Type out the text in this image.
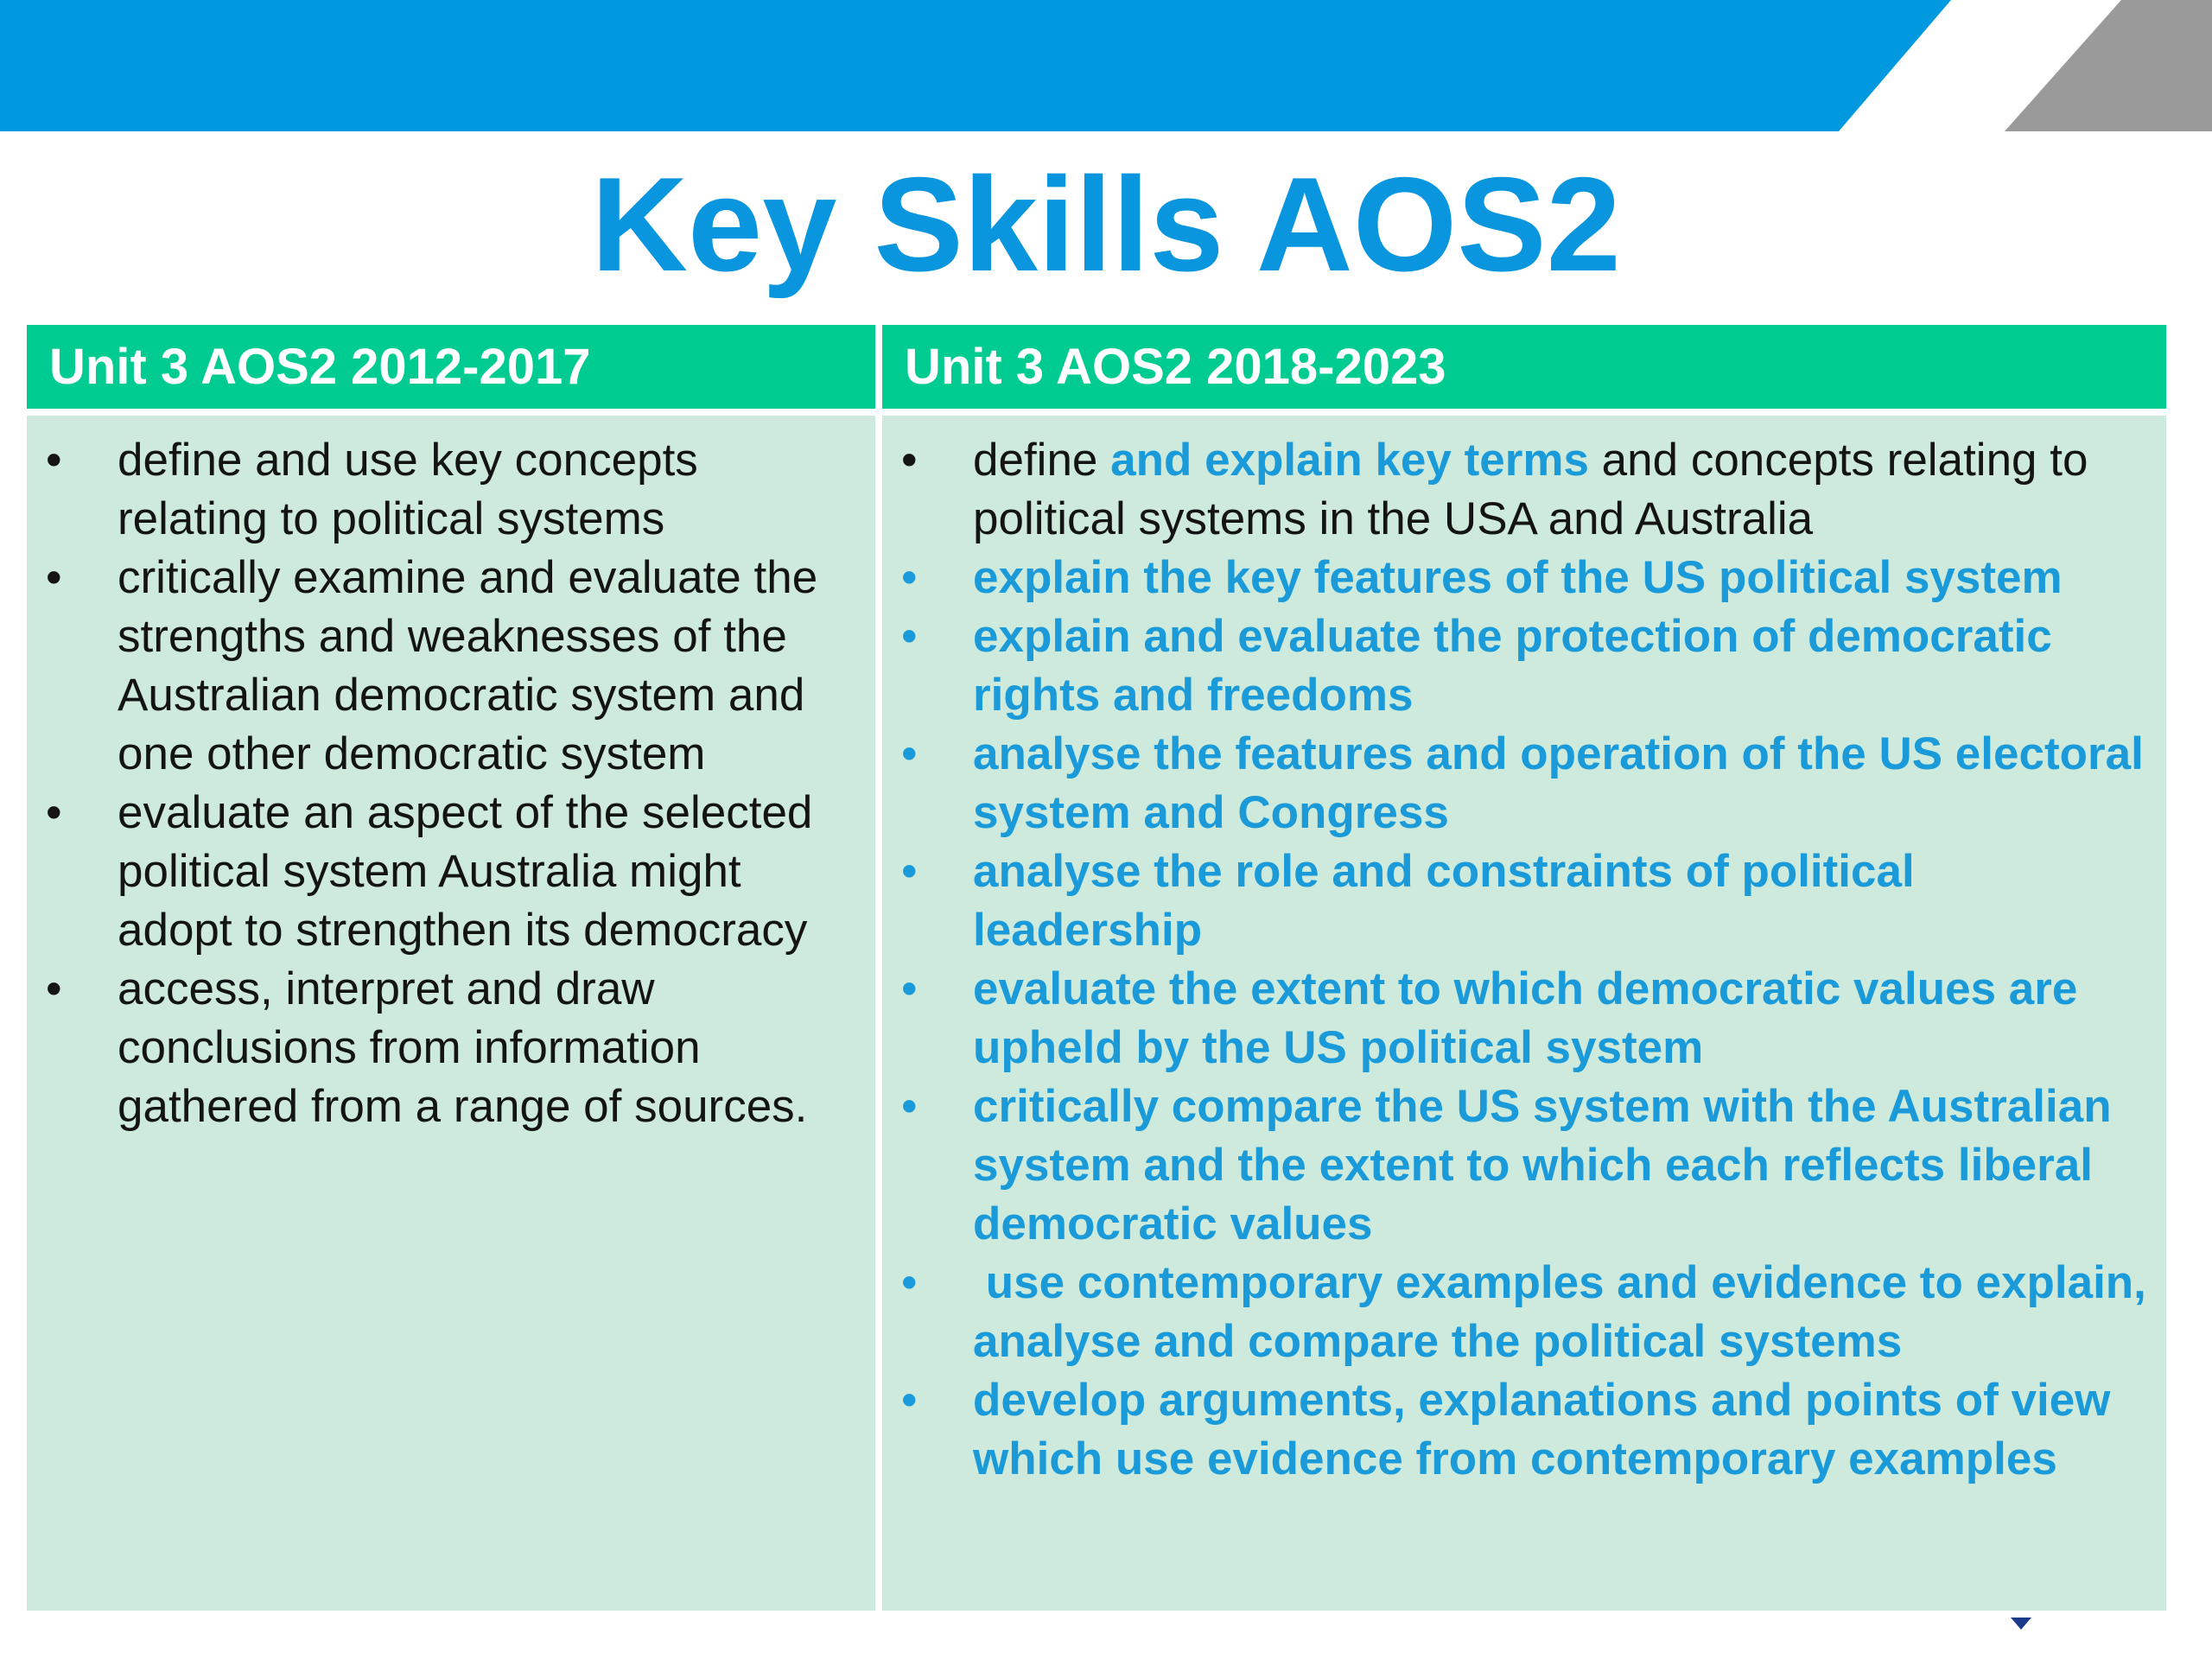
Key Skills AOS2
Unit 3 AOS2 2012-2017
•	define and use key concepts relating to political systems
•	critically examine and evaluate the strengths and weaknesses of the Australian democratic system and one other democratic system
•	evaluate an aspect of the selected political system Australia might adopt to strengthen its democracy
•	access, interpret and draw conclusions from information gathered from a range of sources.
Unit 3 AOS2 2018-2023
•	define and explain key terms and concepts relating to political systems in the USA and Australia
•	explain the key features of the US political system
•	explain and evaluate the protection of democratic rights and freedoms
•	analyse the features and operation of the US electoral system and Congress
•	analyse the role and constraints of political leadership
•	evaluate the extent to which democratic values are upheld by the US political system
•	critically compare the US system with the Australian system and the extent to which each reflects liberal democratic values
•	use contemporary examples and evidence to explain, analyse and compare the political systems
•	develop arguments, explanations and points of view which use evidence from contemporary examples
